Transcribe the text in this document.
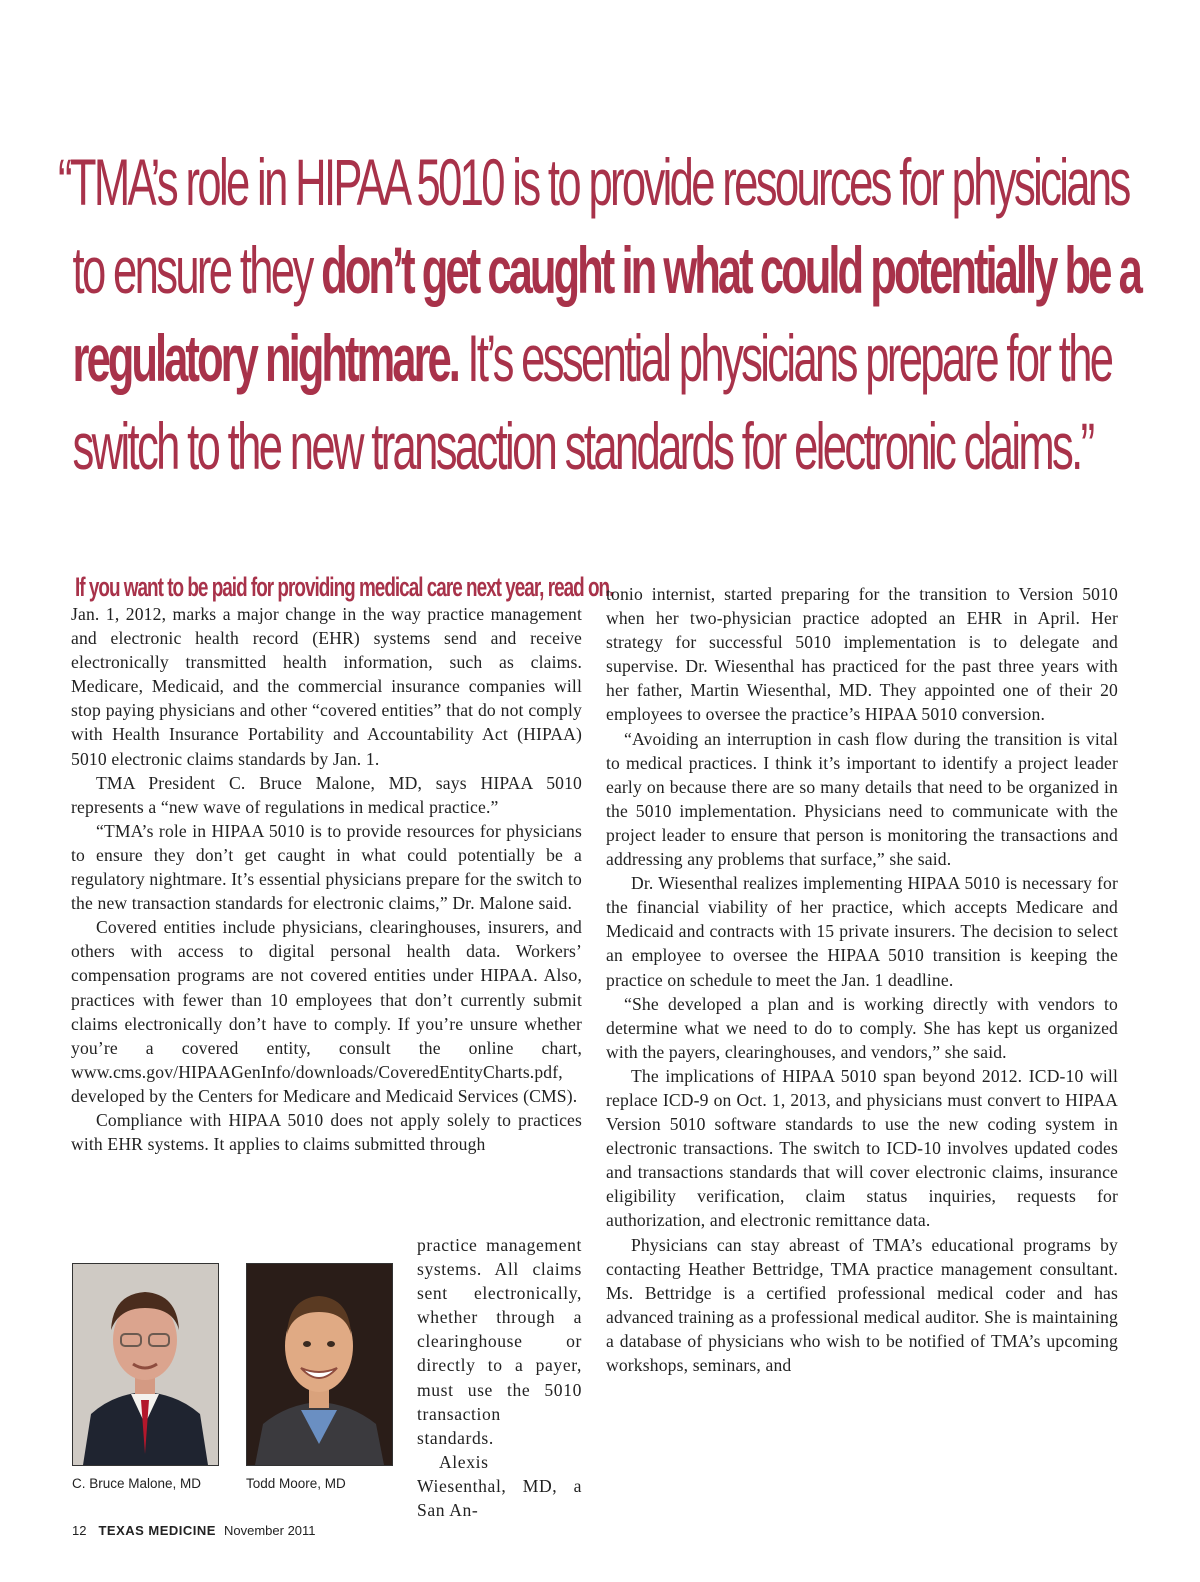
“TMA’s role in HIPAA 5010 is to provide resources for physicians
to ensure they don’t get caught in what could potentially be a
regulatory nightmare. It’s essential physicians prepare for the
switch to the new transaction standards for electronic claims.”
If you want to be paid for providing medical care next year, read on.

Jan. 1, 2012, marks a major change in the way practice management and electronic health record (EHR) systems send and receive electronically transmitted health information, such as claims. Medicare, Medicaid, and the commercial insurance companies will stop paying physicians and other “covered entities” that do not comply with Health Insurance Portability and Accountability Act (HIPAA) 5010 electronic claims standards by Jan. 1.

TMA President C. Bruce Malone, MD, says HIPAA 5010 represents a “new wave of regulations in medical practice.”

“TMA’s role in HIPAA 5010 is to provide resources for physicians to ensure they don’t get caught in what could potentially be a regulatory nightmare. It’s essential physicians prepare for the switch to the new transaction standards for electronic claims,” Dr. Malone said.

Covered entities include physicians, clearinghouses, insurers, and others with access to digital personal health data. Workers’ compensation programs are not covered entities under HIPAA. Also, practices with fewer than 10 employees that don’t currently submit claims electronically don’t have to comply. If you’re unsure whether you’re a covered entity, consult the online chart, www.cms.gov/HIPAAGenInfo/downloads/CoveredEntityCharts.pdf, developed by the Centers for Medicare and Medicaid Services (CMS).

Compliance with HIPAA 5010 does not apply solely to practices with EHR systems. It applies to claims submitted through

practice management systems. All claims sent electronically, whether through a clearinghouse or directly to a payer, must use the 5010 transaction standards.

Alexis Wiesenthal, MD, a San An-

C. Bruce Malone, MD	Todd Moore, MD

tonio internist, started preparing for the transition to Version 5010 when her two-physician practice adopted an EHR in April. Her strategy for successful 5010 implementation is to delegate and supervise. Dr. Wiesenthal has practiced for the past three years with her father, Martin Wiesenthal, MD. They appointed one of their 20 employees to oversee the practice’s HIPAA 5010 conversion.

“Avoiding an interruption in cash flow during the transition is vital to medical practices. I think it’s important to identify a project leader early on because there are so many details that need to be organized in the 5010 implementation. Physicians need to communicate with the project leader to ensure that person is monitoring the transactions and addressing any problems that surface,” she said.

Dr. Wiesenthal realizes implementing HIPAA 5010 is necessary for the financial viability of her practice, which accepts Medicare and Medicaid and contracts with 15 private insurers. The decision to select an employee to oversee the HIPAA 5010 transition is keeping the practice on schedule to meet the Jan. 1 deadline.

“She developed a plan and is working directly with vendors to determine what we need to do to comply. She has kept us organized with the payers, clearinghouses, and vendors,” she said.

The implications of HIPAA 5010 span beyond 2012. ICD-10 will replace ICD-9 on Oct. 1, 2013, and physicians must convert to HIPAA Version 5010 software standards to use the new coding system in electronic transactions. The switch to ICD-10 involves updated codes and transactions standards that will cover electronic claims, insurance eligibility verification, claim status inquiries, requests for authorization, and electronic remittance data.

Physicians can stay abreast of TMA’s educational programs by contacting Heather Bettridge, TMA practice management consultant. Ms. Bettridge is a certified professional medical coder and has advanced training as a professional medical auditor. She is maintaining a database of physicians who wish to be notified of TMA’s upcoming workshops, seminars, and

12 TEXAS MEDICINE November 2011
